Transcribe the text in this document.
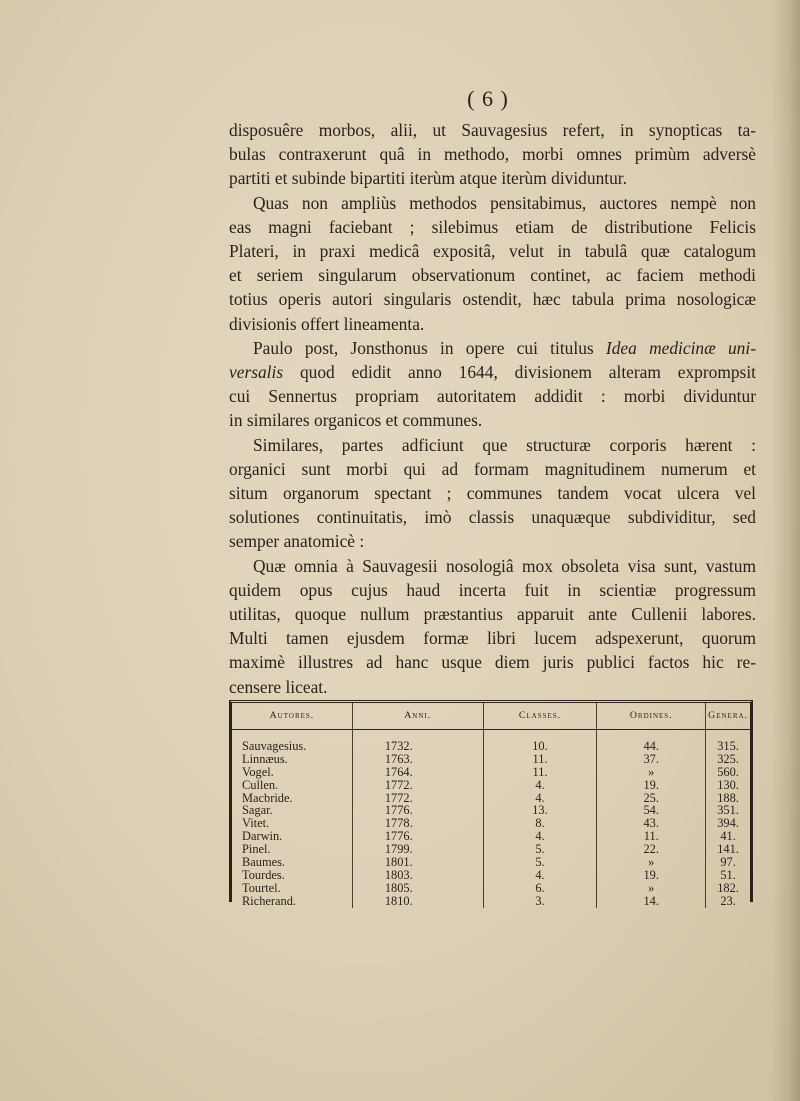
( 6 )
disposuêre morbos, alii, ut Sauvagesius refert, in synopticas ta-
bulas contraxerunt quâ in methodo, morbi omnes primùm adversè
partiti et subinde bipartiti iterùm atque iterùm dividuntur.
Quas non ampliùs methodos pensitabimus, auctores nempè non
eas magni faciebant ; silebimus etiam de distributione Felicis
Plateri, in praxi medicâ expositâ, velut in tabulâ quæ catalogum
et seriem singularum observationum continet, ac faciem methodi
totius operis autori singularis ostendit, hæc tabula prima nosologicæ
divisionis offert lineamenta.
Paulo post, Jonsthonus in opere cui titulus Idea medicinæ uni-
versalis quod edidit anno 1644, divisionem alteram exprompsit
cui Sennertus propriam autoritatem addidit : morbi dividuntur
in similares organicos et communes.
Similares, partes adficiunt que structuræ corporis hærent :
organici sunt morbi qui ad formam magnitudinem numerum et
situm organorum spectant ; communes tandem vocat ulcera vel
solutiones continuitatis, imò classis unaquæque subdividitur, sed
semper anatomicè :
Quæ omnia à Sauvagesii nosologiâ mox obsoleta visa sunt, vastum
quidem opus cujus haud incerta fuit in scientiæ progressum
utilitas, quoque nullum præstantius apparuit ante Cullenii labores.
Multi tamen ejusdem formæ libri lucem adspexerunt, quorum
maximè illustres ad hanc usque diem juris publici factos hic re-
censere liceat.
Autores.	Anni.	Classes.	Ordines.	Genera.
Sauvagesius.	1732.	10.	44.	315.
Linnæus.	1763.	11.	37.	325.
Vogel.	1764.	11.	»	560.
Cullen.	1772.	4.	19.	130.
Macbride.	1772.	4.	25.	188.
Sagar.	1776.	13.	54.	351.
Vitet.	1778.	8.	43.	394.
Darwin.	1776.	4.	11.	41.
Pinel.	1799.	5.	22.	141.
Baumes.	1801.	5.	»	97.
Tourdes.	1803.	4.	19.	51.
Tourtel.	1805.	6.	»	182.
Richerand.	1810.	3.	14.	23.
